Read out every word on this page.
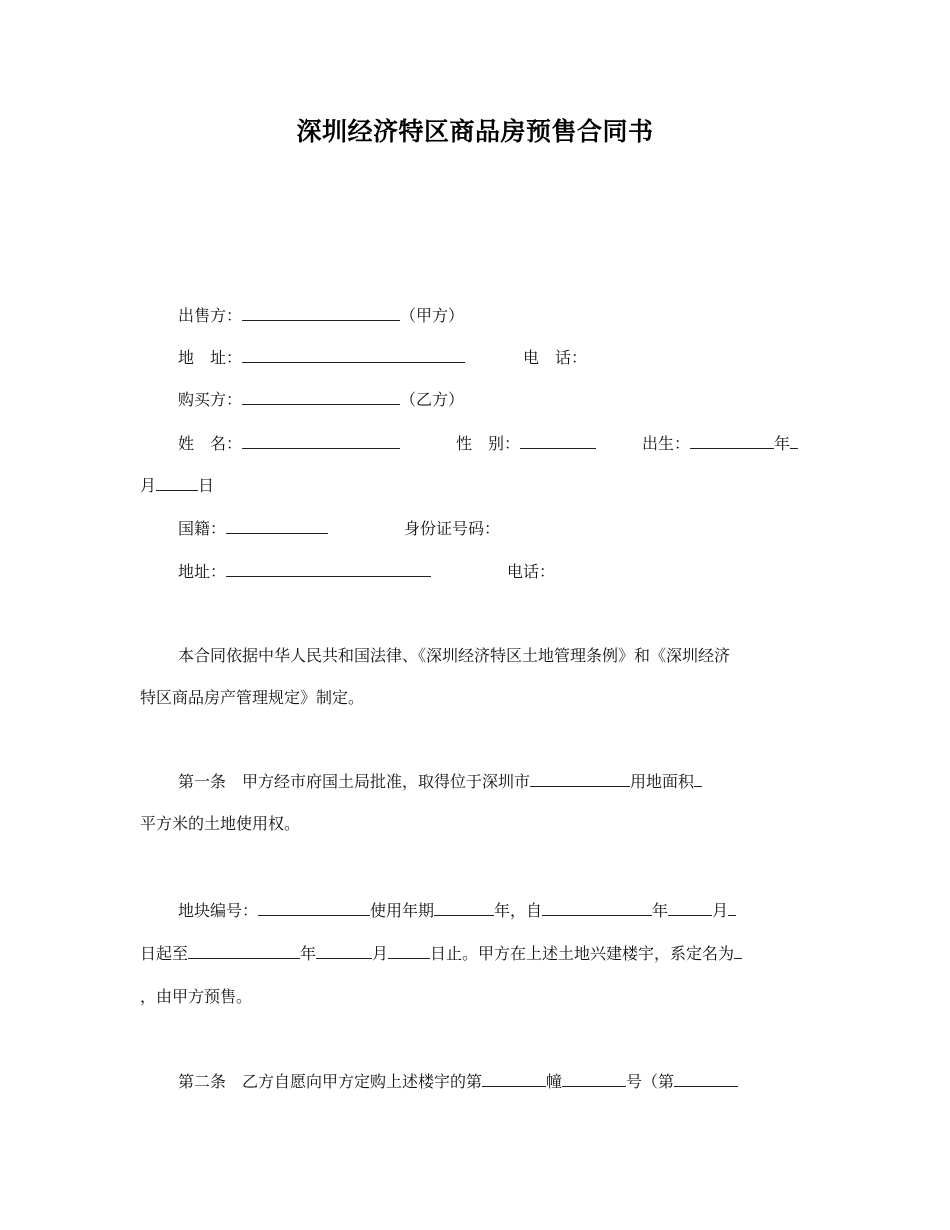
深圳经济特区商品房预售合同书
出售方：	（甲方）
地　址：	电　话：
购买方：	（乙方）
姓　名：	性　别：	出生：	年
月	日
国籍：	身份证号码：
地址：	电话：
本合同依据中华人民共和国法律、《深圳经济特区土地管理条例》和《深圳经济
特区商品房产管理规定》制定。
第一条　甲方经市府国土局批准，取得位于深圳市	用地面积
平方米的土地使用权。
地块编号：	使用年期	年，自	年	月
日起至	年	月	日止。甲方在上述土地兴建楼宇，系定名为
，由甲方预售。
第二条　乙方自愿向甲方定购上述楼宇的第	幢	号（第
